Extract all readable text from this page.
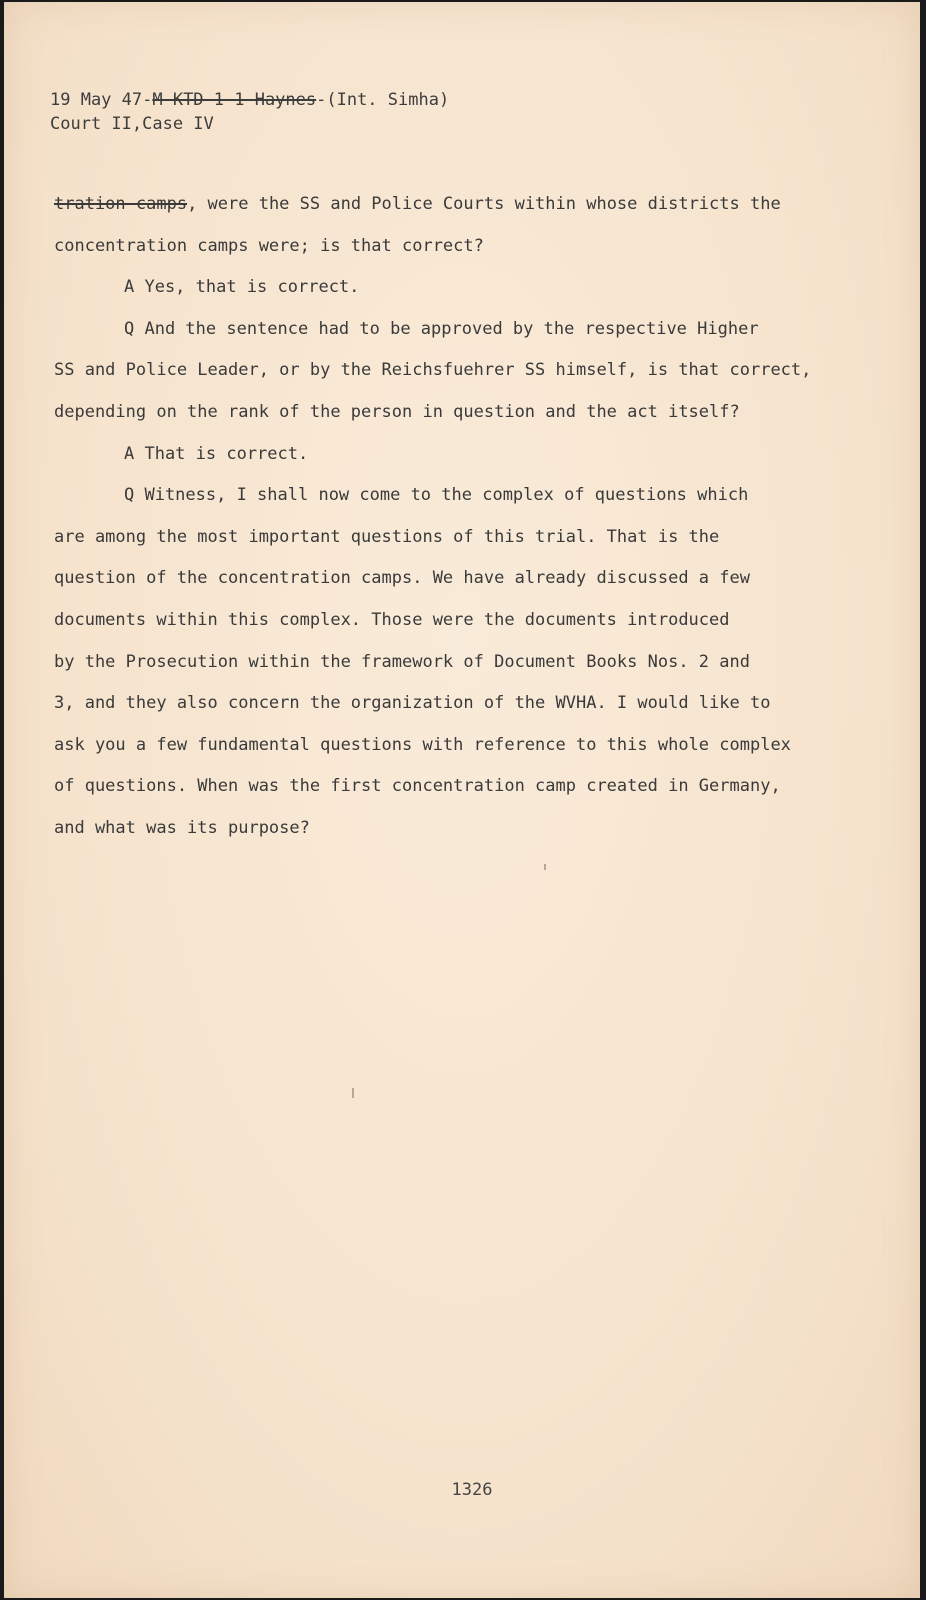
19 May 47-M-KTD-1-1-Haynes-(Int. Simha)
Court II,Case IV
tration-camps, were the SS and Police Courts within whose districts the
concentration camps were; is that correct?
A Yes, that is correct.
Q And the sentence had to be approved by the respective Higher
SS and Police Leader, or by the Reichsfuehrer SS himself, is that correct,
depending on the rank of the person in question and the act itself?
A That is correct.
Q Witness, I shall now come to the complex of questions which
are among the most important questions of this trial. That is the
question of the concentration camps. We have already discussed a few
documents within this complex. Those were the documents introduced
by the Prosecution within the framework of Document Books Nos. 2 and
3, and they also concern the organization of the WVHA. I would like to
ask you a few fundamental questions with reference to this whole complex
of questions. When was the first concentration camp created in Germany,
and what was its purpose?
1326
